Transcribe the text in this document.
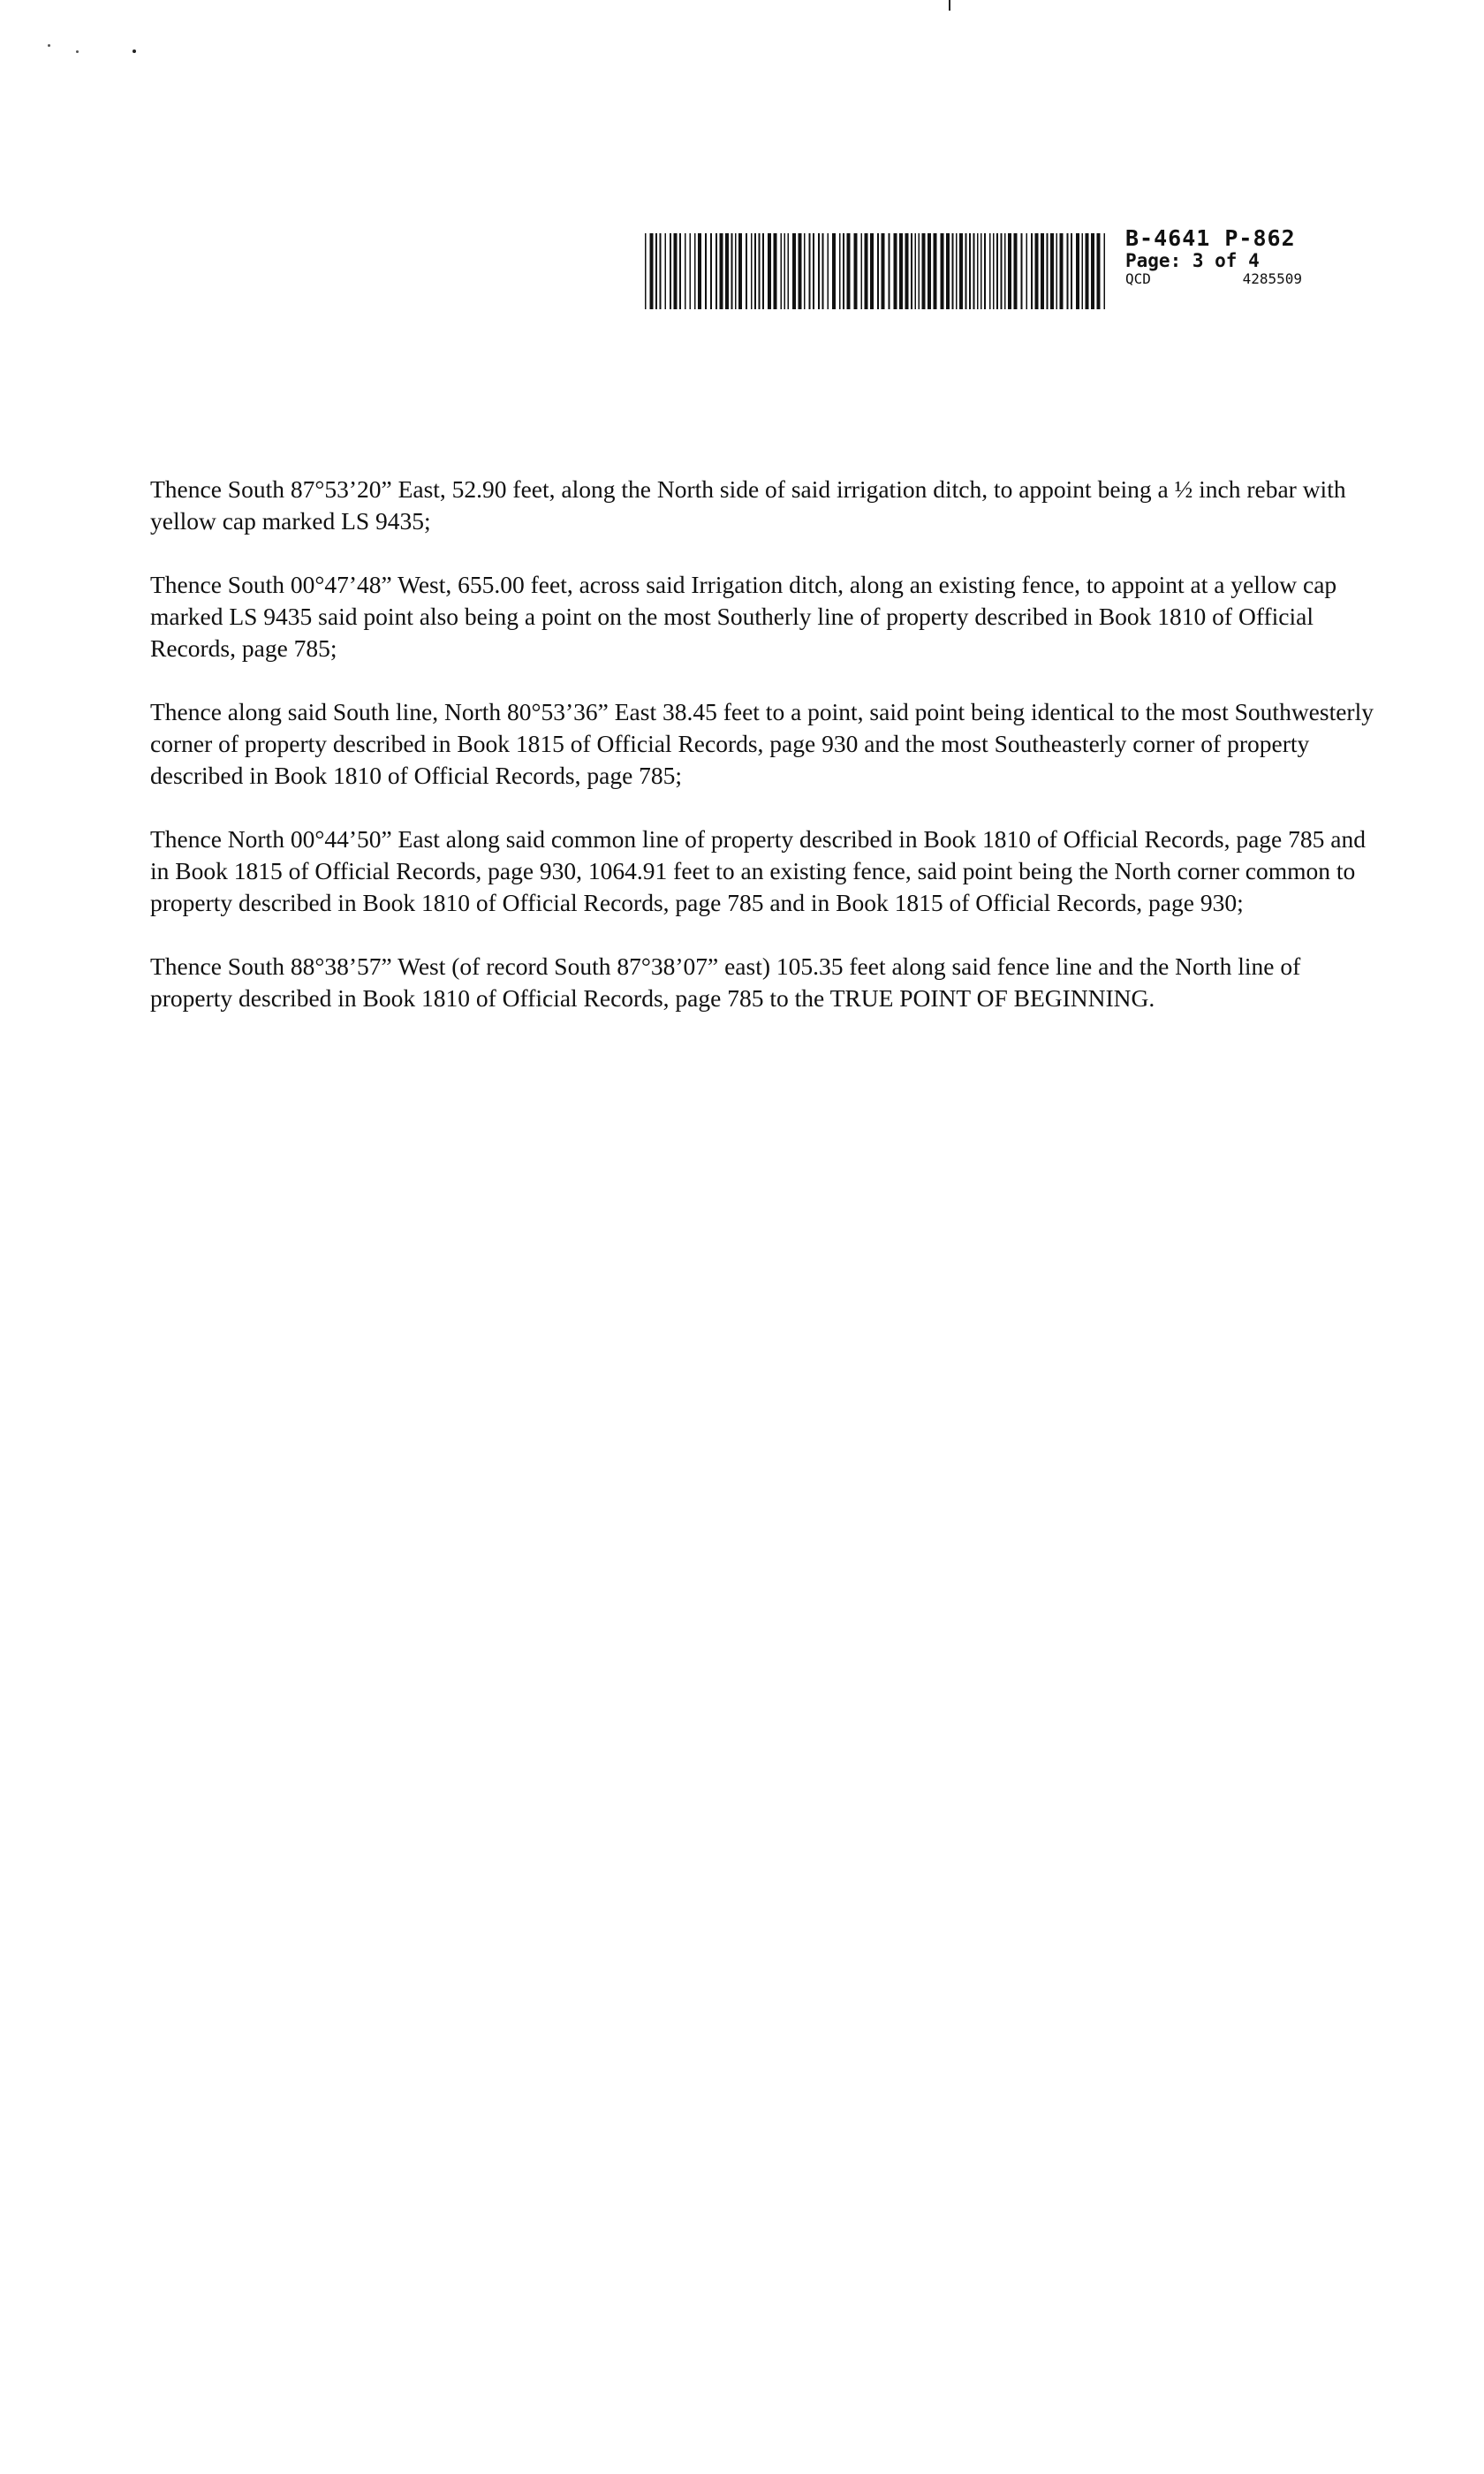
B-4641 P-862
Page: 3 of 4
QCD	4285509

Thence South 87°53’20” East, 52.90 feet, along the North side of said irrigation ditch, to appoint being a ½ inch rebar with yellow cap marked LS 9435;

Thence South 00°47’48” West, 655.00 feet, across said Irrigation ditch, along an existing fence, to appoint at a yellow cap marked LS 9435 said point also being a point on the most Southerly line of property described in Book 1810 of Official Records, page 785;

Thence along said South line, North 80°53’36” East 38.45 feet to a point, said point being identical to the most Southwesterly corner of property described in Book 1815 of Official Records, page 930 and the most Southeasterly corner of property described in Book 1810 of Official Records, page 785;

Thence North 00°44’50” East along said common line of property described in Book 1810 of Official Records, page 785 and in Book 1815 of Official Records, page 930, 1064.91 feet to an existing fence, said point being the North corner common to property described in Book 1810 of Official Records, page 785 and in Book 1815 of Official Records, page 930;

Thence South 88°38’57” West (of record South 87°38’07” east) 105.35 feet along said fence line and the North line of property described in Book 1810 of Official Records, page 785 to the TRUE POINT OF BEGINNING.
